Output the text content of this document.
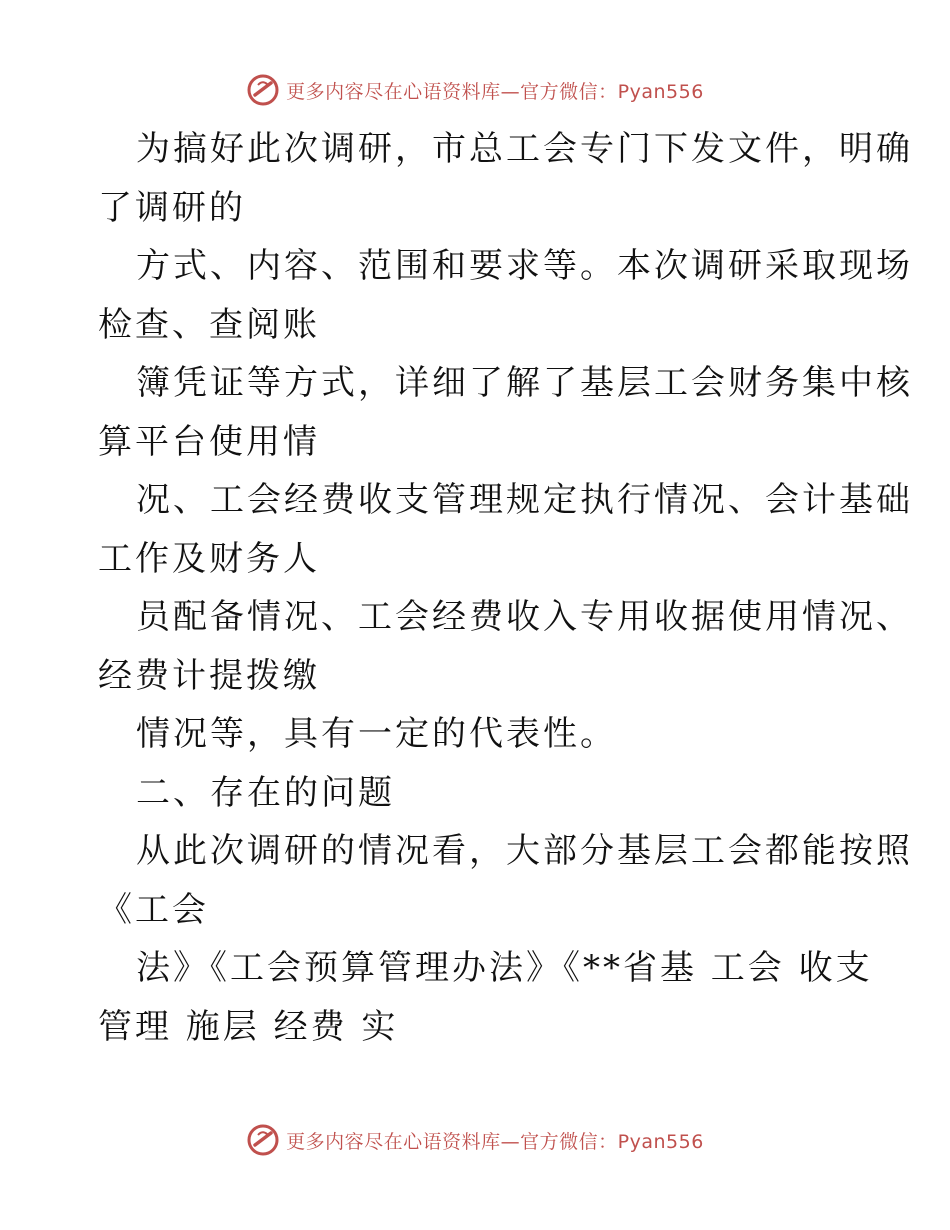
更多内容尽在心语资料库—官方微信：Pyan556
为搞好此次调研，市总工会专门下发文件，明确
了调研的
方式、内容、范围和要求等。本次调研采取现场
检查、查阅账
簿凭证等方式，详细了解了基层工会财务集中核
算平台使用情
况、工会经费收支管理规定执行情况、会计基础
工作及财务人
员配备情况、工会经费收入专用收据使用情况、
经费计提拨缴
情况等，具有一定的代表性。
二、存在的问题
从此次调研的情况看，大部分基层工会都能按照
《工会
法》《工会预算管理办法》《**省基 工会 收支
管理 施层 经费 实
更多内容尽在心语资料库—官方微信：Pyan556
